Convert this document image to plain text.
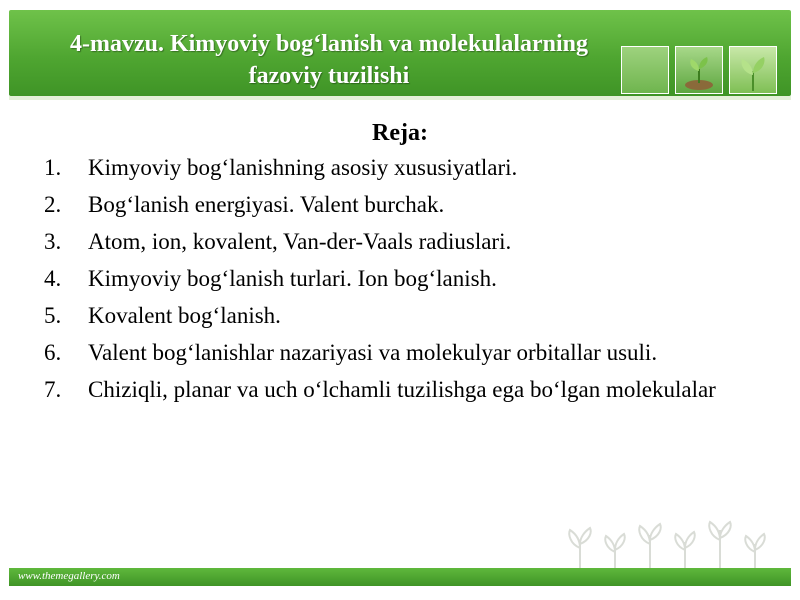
4-mavzu. Kimyoviy bog‘lanish va molekulalarning
fazoviy tuzilishi
Reja:
1. Kimyoviy bog‘lanishning asosiy xususiyatlari.
2. Bog‘lanish energiyasi. Valent burchak.
3. Atom, ion, kovalent, Van-der-Vaals radiuslari.
4. Kimyoviy bog‘lanish turlari. Ion bog‘lanish.
5. Kovalent bog‘lanish.
6. Valent bog‘lanishlar nazariyasi va molekulyar orbitallar usuli.
7. Chiziqli, planar va uch o‘lchamli tuzilishga ega bo‘lgan molekulalar
www.themegallery.com
